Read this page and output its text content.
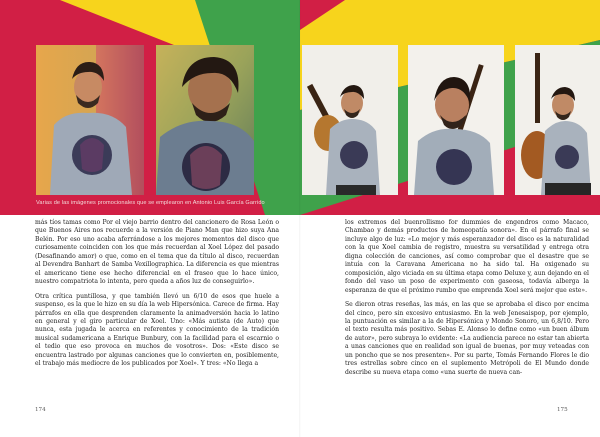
Varias de las imágenes promocionales que se emplearon en Antonio Luis García Garrido

más tíos tamas como Por el viejo barrio dentro del cancionero de Rosa León o que Buenos Aires nos recuerde a la versión de Piano Man que hizo suya Ana Belén. Por eso uno acaba aferrándose a los mejores momentos del disco que curiosamente coinciden con los que más recuerdan al Xoel López del pasado (Desafinando amor) o que, como en el tema que da título al disco, recuerdan al Devendra Banhart de Samba Vexillographica. La diferencia es que mientras el americano tiene ese hecho diferencial en el fraseo que lo hace único, nuestro compatriota lo intenta, pero queda a años luz de conseguirlo».

Otra crítica puntillosa, y que también llevó un 6/10 de esos que huele a suspenso, es la que le hizo en su día la web Hipersónica. Carece de firma. Hay párrafos en ella que desprenden claramente la animadversión hacia lo latino en general y el giro particular de Xoel. Uno: «Más autista (de Auto) que nunca, esta jugada le acerca en referentes y conocimiento de la tradición musical sudamericana a Enrique Bunbury, con la facilidad para el escarnio o el tedio que eso provoca en muchos de vosotros». Dos: «Este disco se encuentra lastrado por algunas canciones que lo convierten en, posiblemente, el trabajo más mediocre de los publicados por Xoel». Y tres: «No llega a

los extremos del buenrollismo for dummies de engendros como Macaco, Chambao y demás productos de homeopatía sonora». En el párrafo final se incluye algo de luz: «Lo mejor y más esperanzador del disco es la naturalidad con la que Xoel cambia de registro, muestra su versatilidad y entrega otra digna colección de canciones, así como comprobar que el desastre que se intuía con la Caravana Americana no ha sido tal. Ha oxigenado su composición, algo viciada en su última etapa como Deluxe y, aun dejando en el fondo del vaso un poso de experimento con gaseosa, todavía alberga la esperanza de que el próximo rumbo que emprenda Xoel será mejor que este».

Se dieron otras reseñas, las más, en las que se aprobaba el disco por encima del cinco, pero sin excesivo entusiasmo. En la web Jenesaispop, por ejemplo, la puntuación es similar a la de Hipersónica y Mondo Sonoro, un 6,8/10. Pero el texto resulta más positivo. Sebas E. Alonso lo define como «un buen álbum de autor», pero subraya lo evidente: «La audiencia parece no estar tan abierta a unas canciones que en realidad son igual de buenas, por muy veteadas con un poncho que se nos presenten». Por su parte, Tomás Fernando Flores le dio tres estrellas sobre cinco en el suplemento Metrópoli de El Mundo donde describe su nueva etapa como «una suerte de nueva can-

174	175
